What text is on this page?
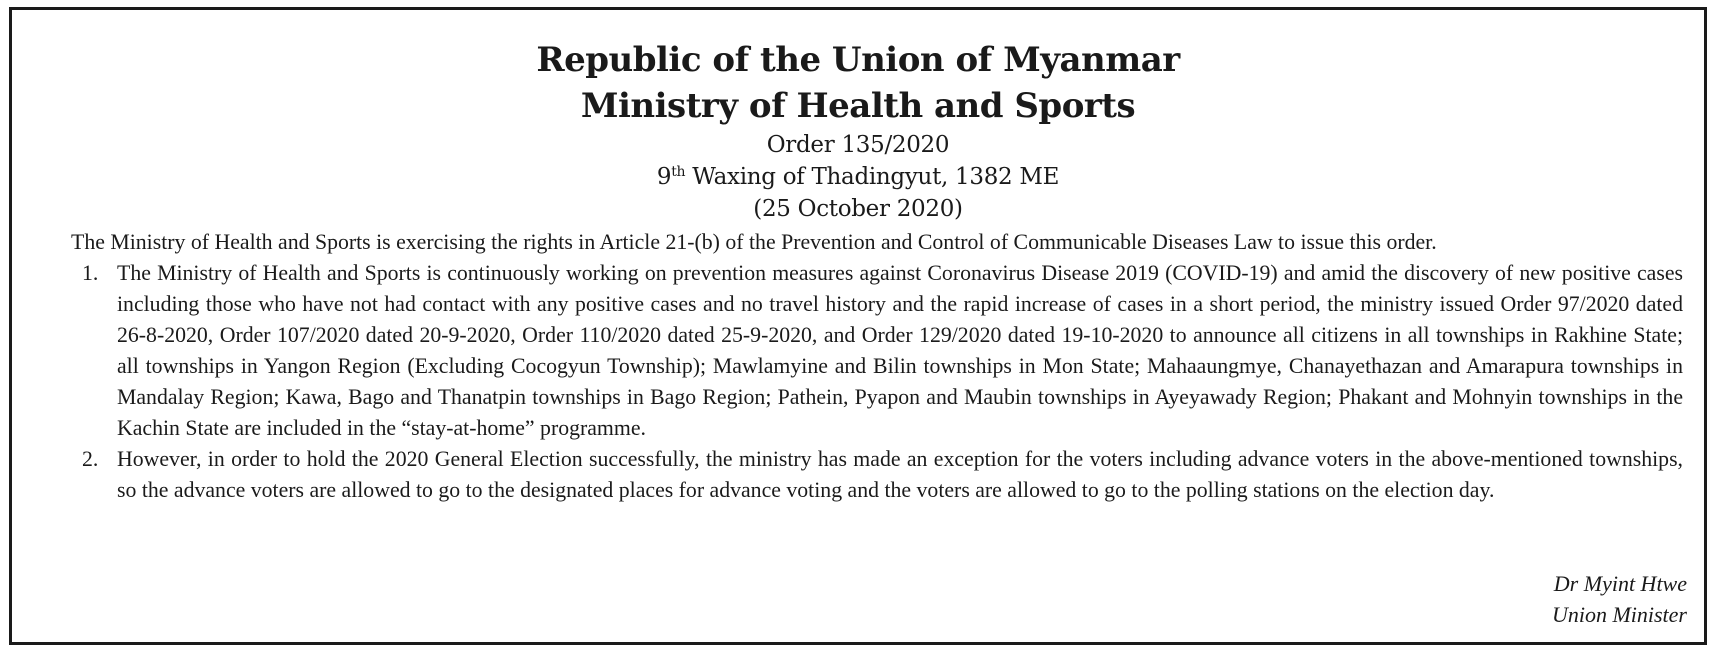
Republic of the Union of Myanmar
Ministry of Health and Sports
Order 135/2020
9th Waxing of Thadingyut, 1382 ME
(25 October 2020)

The Ministry of Health and Sports is exercising the rights in Article 21-(b) of the Prevention and Control of Communicable Diseases Law to issue this order.

1. The Ministry of Health and Sports is continuously working on prevention measures against Coronavirus Disease 2019 (COVID-19) and amid the discovery of new positive cases including those who have not had contact with any positive cases and no travel history and the rapid increase of cases in a short period, the ministry issued Order 97/2020 dated 26-8-2020, Order 107/2020 dated 20-9-2020, Order 110/2020 dated 25-9-2020, and Order 129/2020 dated 19-10-2020 to announce all citizens in all townships in Rakhine State; all townships in Yangon Region (Excluding Cocogyun Township); Mawlamyine and Bilin townships in Mon State; Mahaaungmye, Chanayethazan and Amarapura townships in Mandalay Region; Kawa, Bago and Thanatpin townships in Bago Region; Pathein, Pyapon and Maubin townships in Ayeyawady Region; Phakant and Mohnyin townships in the Kachin State are included in the “stay-at-home” programme.
2. However, in order to hold the 2020 General Election successfully, the ministry has made an exception for the voters including advance voters in the above-mentioned townships, so the advance voters are allowed to go to the designated places for advance voting and the voters are allowed to go to the polling stations on the election day.
Dr Myint Htwe
Union Minister
